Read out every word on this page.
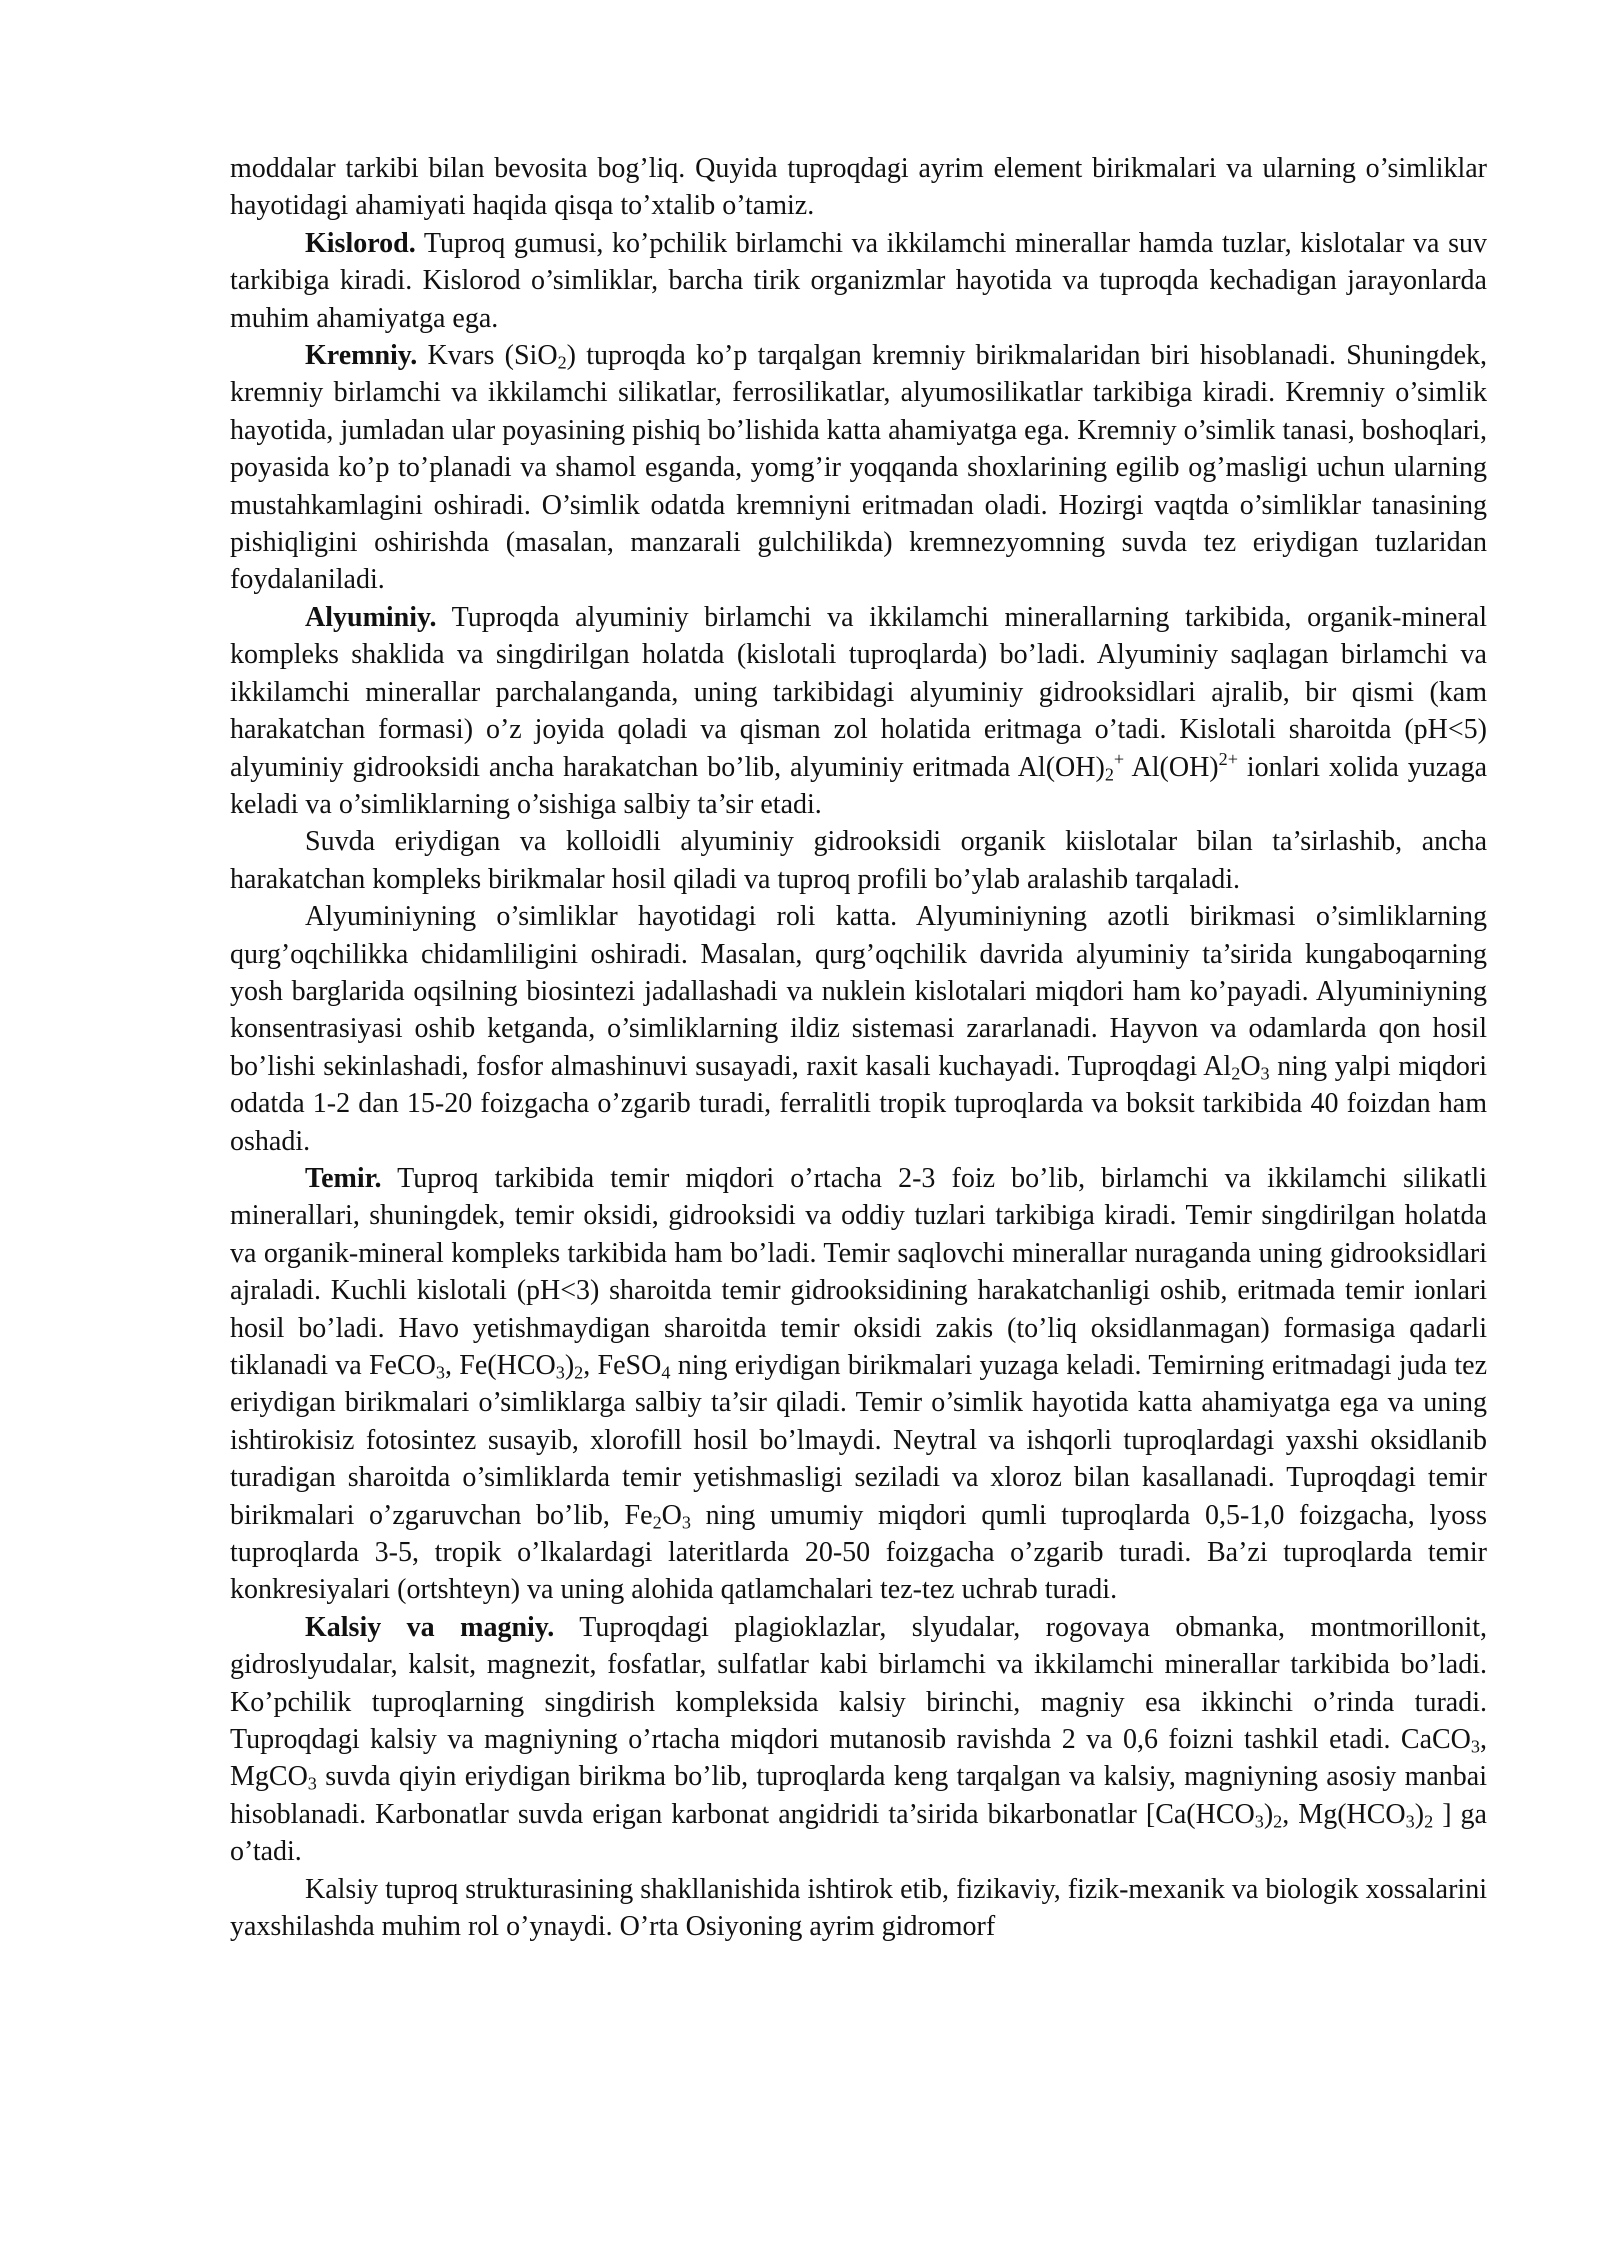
moddalar tarkibi bilan bevosita bog’liq. Quyida tuproqdagi ayrim element birikmalari va ularning o’simliklar hayotidagi ahamiyati haqida qisqa to’xtalib o’tamiz.

Kislorod. Tuproq gumusi, ko’pchilik birlamchi va ikkilamchi minerallar hamda tuzlar, kislotalar va suv tarkibiga kiradi. Kislorod o’simliklar, barcha tirik organizmlar hayotida va tuproqda kechadigan jarayonlarda muhim ahamiyatga ega.

Kremniy. Kvars (SiO$_2$) tuproqda ko’p tarqalgan kremniy birikmalaridan biri hisoblanadi. Shuningdek, kremniy birlamchi va ikkilamchi silikatlar, ferrosilikatlar, alyumosilikatlar tarkibiga kiradi. Kremniy o’simlik hayotida, jumladan ular poyasining pishiq bo’lishida katta ahamiyatga ega. Kremniy o’simlik tanasi, boshoqlari, poyasida ko’p to’planadi va shamol esganda, yomg’ir yoqqanda shoxlarining egilib og’masligi uchun ularning mustahkamlagini oshiradi. O’simlik odatda kremniyni eritmadan oladi. Hozirgi vaqtda o’simliklar tanasining pishiqligini oshirishda (masalan, manzarali gulchilikda) kremnezyomning suvda tez eriydigan tuzlaridan foydalaniladi.

Alyuminiy. Tuproqda alyuminiy birlamchi va ikkilamchi minerallarning tarkibida, organik-mineral kompleks shaklida va singdirilgan holatda (kislotali tuproqlarda) bo’ladi. Alyuminiy saqlagan birlamchi va ikkilamchi minerallar parchalanganda, uning tarkibidagi alyuminiy gidrooksidlari ajralib, bir qismi (kam harakatchan formasi) o’z joyida qoladi va qisman zol holatida eritmaga o’tadi. Kislotali sharoitda (pH<5) alyuminiy gidrooksidi ancha harakatchan bo’lib, alyuminiy eritmada $Al(OH)_2^+$ Al(OH)$^{2+}$ ionlari xolida yuzaga keladi va o’simliklarning o’sishiga salbiy ta’sir etadi.

Suvda eriydigan va kolloidli alyuminiy gidrooksidi organik kiislotalar bilan ta’sirlashib, ancha harakatchan kompleks birikmalar hosil qiladi va tuproq profili bo’ylab aralashib tarqaladi.

Alyuminiyning o’simliklar hayotidagi roli katta. Alyuminiyning azotli birikmasi o’simliklarning qurg’oqchilikka chidamliligini oshiradi. Masalan, qurg’oqchilik davrida alyuminiy ta’sirida kungaboqarning yosh barglarida oqsilning biosintezi jadallashadi va nuklein kislotalari miqdori ham ko’payadi. Alyuminiyning konsentrasiyasi oshib ketganda, o’simliklarning ildiz sistemasi zararlanadi. Hayvon va odamlarda qon hosil bo’lishi sekinlashadi, fosfor almashinuvi susayadi, raxit kasali kuchayadi. Tuproqdagi $Al_2O_3$ ning yalpi miqdori odatda 1-2 dan 15-20 foizgacha o’zgarib turadi, ferralitli tropik tuproqlarda va boksit tarkibida 40 foizdan ham oshadi.

Temir. Tuproq tarkibida temir miqdori o’rtacha 2-3 foiz bo’lib, birlamchi va ikkilamchi silikatli minerallari, shuningdek, temir oksidi, gidrooksidi va oddiy tuzlari tarkibiga kiradi. Temir singdirilgan holatda va organik-mineral kompleks tarkibida ham bo’ladi. Temir saqlovchi minerallar nuraganda uning gidrooksidlari ajraladi. Kuchli kislotali (pH<3) sharoitda temir gidrooksidining harakatchanligi oshib, eritmada temir ionlari hosil bo’ladi. Havo yetishmaydigan sharoitda temir oksidi zakis (to’liq oksidlanmagan) formasiga qadarli tiklanadi va FeCO$_3$, $Fe(HCO_3)_2$, FeSO$_4$ ning eriydigan birikmalari yuzaga keladi. Temirning eritmadagi juda tez eriydigan birikmalari o’simliklarga salbiy ta’sir qiladi. Temir o’simlik hayotida katta ahamiyatga ega va uning ishtirokisiz fotosintez susayib, xlorofill hosil bo’lmaydi. Neytral va ishqorli tuproqlardagi yaxshi oksidlanib turadigan sharoitda o’simliklarda temir yetishmasligi seziladi va xloroz bilan kasallanadi. Tuproqdagi temir birikmalari o’zgaruvchan bo’lib, $Fe_2O_3$ ning umumiy miqdori qumli tuproqlarda 0,5-1,0 foizgacha, lyoss tuproqlarda 3-5, tropik o’lkalardagi lateritlarda 20-50 foizgacha o’zgarib turadi. Ba’zi tuproqlarda temir konkresiyalari (ortshteyn) va uning alohida qatlamchalari tez-tez uchrab turadi.

Kalsiy va magniy. Tuproqdagi plagioklazlar, slyudalar, rogovaya obmanka, montmorillonit, gidroslyudalar, kalsit, magnezit, fosfatlar, sulfatlar kabi birlamchi va ikkilamchi minerallar tarkibida bo’ladi. Ko’pchilik tuproqlarning singdirish kompleksida kalsiy birinchi, magniy esa ikkinchi o’rinda turadi. Tuproqdagi kalsiy va magniyning o’rtacha miqdori mutanosib ravishda 2 va 0,6 foizni tashkil etadi. CaCO$_3$, MgCO$_3$ suvda qiyin eriydigan birikma bo’lib, tuproqlarda keng tarqalgan va kalsiy, magniyning asosiy manbai hisoblanadi. Karbonatlar suvda erigan karbonat angidridi ta’sirida bikarbonatlar [$Ca(HCO_3)_2$, $Mg(HCO_3)_2$ ] ga o’tadi.

Kalsiy tuproq strukturasining shakllanishida ishtirok etib, fizikaviy, fizik-mexanik va biologik xossalarini yaxshilashda muhim rol o’ynaydi. O’rta Osiyoning ayrim gidromorf
